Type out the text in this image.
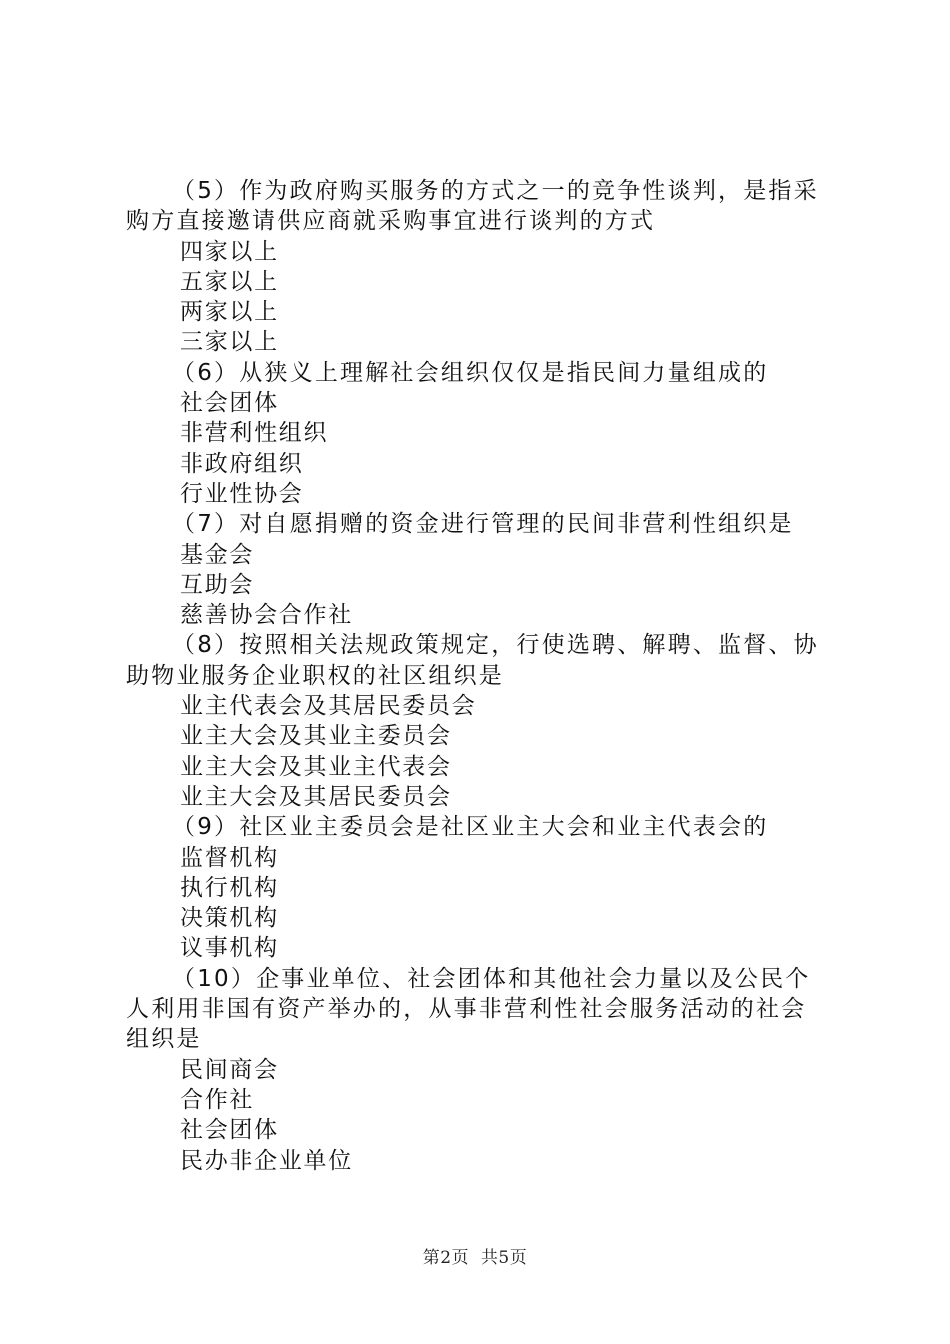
（5）作为政府购买服务的方式之一的竞争性谈判，是指采
购方直接邀请供应商就采购事宜进行谈判的方式
四家以上
五家以上
两家以上
三家以上
（6）从狭义上理解社会组织仅仅是指民间力量组成的
社会团体
非营利性组织
非政府组织
行业性协会
（7）对自愿捐赠的资金进行管理的民间非营利性组织是
基金会
互助会
慈善协会合作社
（8）按照相关法规政策规定，行使选聘、解聘、监督、协
助物业服务企业职权的社区组织是
业主代表会及其居民委员会
业主大会及其业主委员会
业主大会及其业主代表会
业主大会及其居民委员会
（9）社区业主委员会是社区业主大会和业主代表会的
监督机构
执行机构
决策机构
议事机构
（10）企事业单位、社会团体和其他社会力量以及公民个
人利用非国有资产举办的，从事非营利性社会服务活动的社会
组织是
民间商会
合作社
社会团体
民办非企业单位
第2页  共5页
